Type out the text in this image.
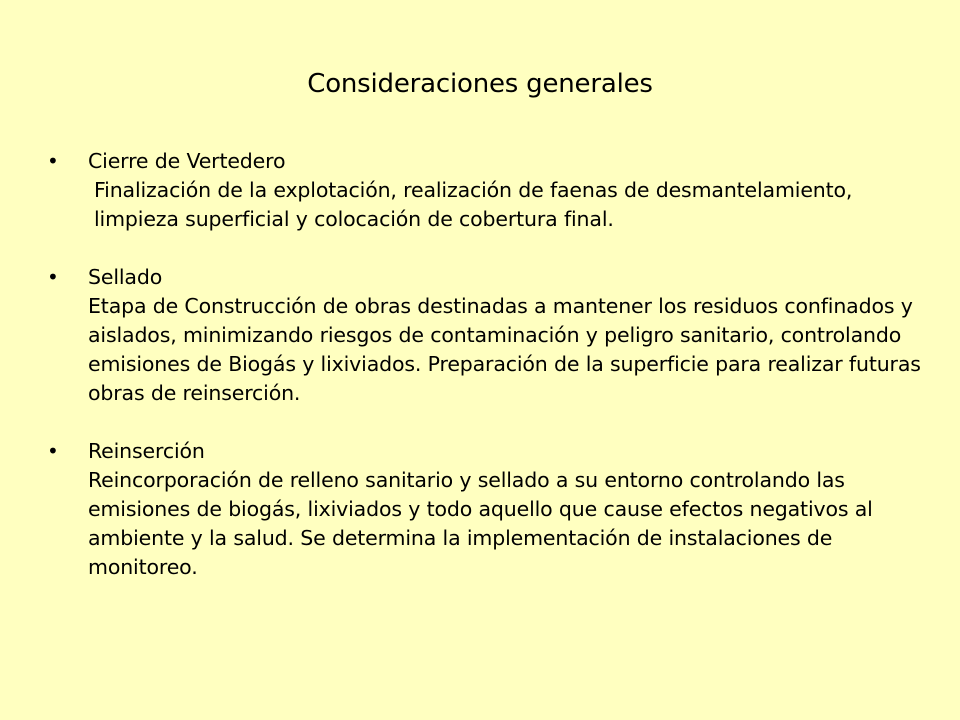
Consideraciones generales
• Cierre de Vertedero
Finalización de la explotación, realización de faenas de desmantelamiento, limpieza superficial y colocación de cobertura final.
• Sellado
Etapa de Construcción de obras destinadas a mantener los residuos confinados y aislados, minimizando riesgos de contaminación y peligro sanitario, controlando emisiones de Biogás y lixiviados. Preparación de la superficie para realizar futuras obras de reinserción.
• Reinserción
Reincorporación de relleno sanitario y sellado a su entorno controlando las emisiones de biogás, lixiviados y todo aquello que cause efectos negativos al ambiente y la salud. Se determina la implementación de instalaciones de monitoreo.
